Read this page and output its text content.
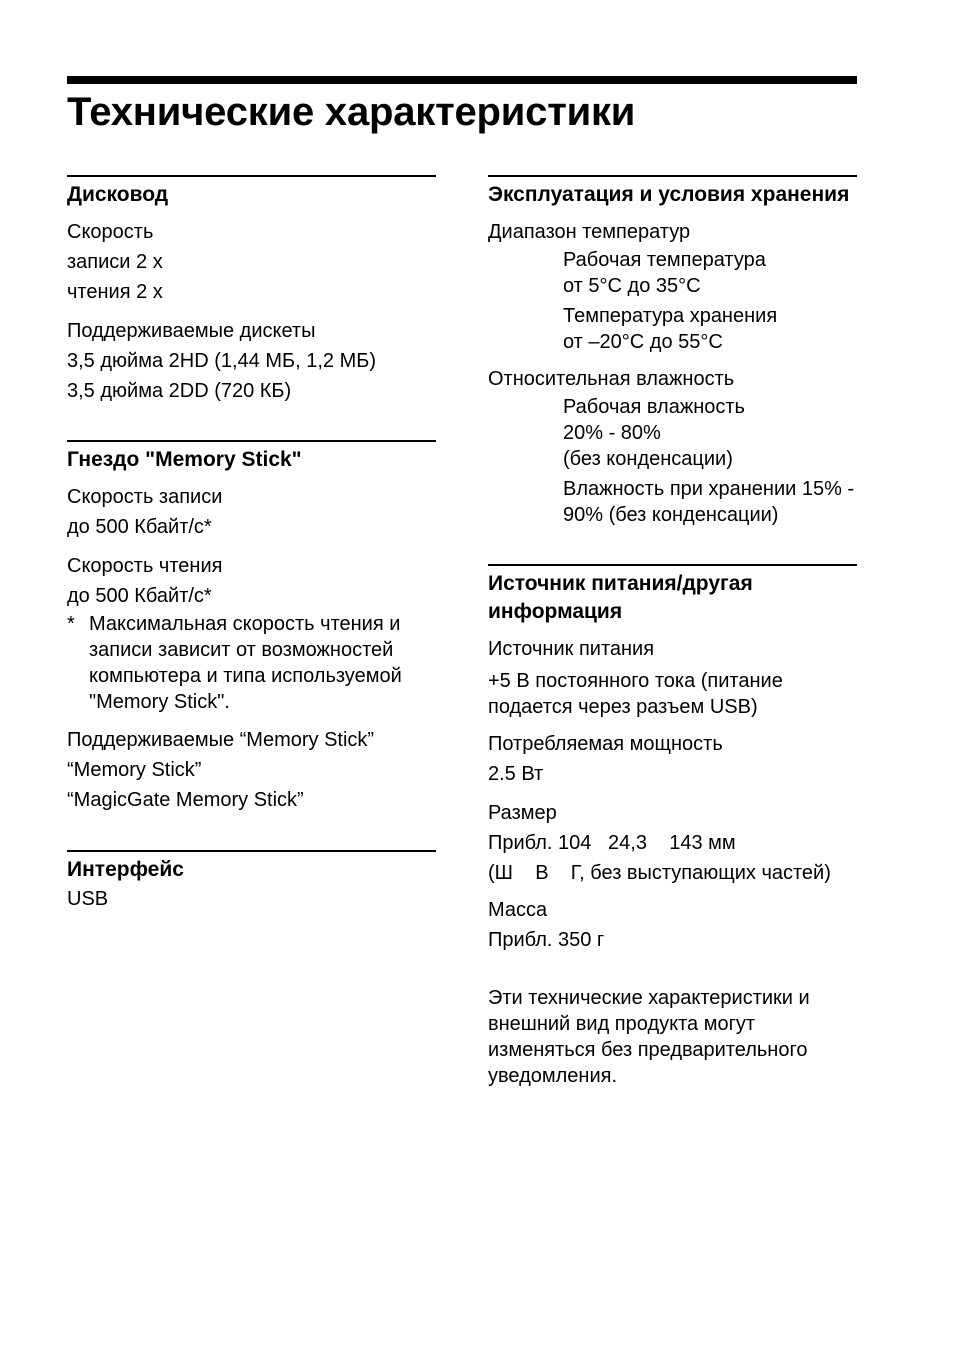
Технические характеристики
Дисковод

Скорость

записи 2 x

чтения 2 x

Поддерживаемые дискеты

3,5 дюйма 2HD (1,44 МБ, 1,2 МБ)

3,5 дюйма 2DD (720 КБ)

Гнездо "Memory Stick"

Скорость записи

до 500 Кбайт/с*

Скорость чтения

до 500 Кбайт/с*

* Максимальная скорость чтения и записи зависит от возможностей компьютера и типа используемой "Memory Stick".

Поддерживаемые “Memory Stick”

“Memory Stick”

“MagicGate Memory Stick”

Интерфейс

USB

Эксплуатация и условия хранения

Диапазон температур

Рабочая температура

от 5°C до 35°C

Температура хранения

от –20°C до 55°C

Относительная влажность

Рабочая влажность

20% - 80%

(без конденсации)

Влажность при хранении 15% - 90% (без конденсации)

Источник питания/другая информация

Источник питания

+5 В постоянного тока (питание подается через разъем USB)

Потребляемая мощность

2.5 Вт

Размер

Прибл. 104   24,3    143 мм

(Ш    В    Г, без выступающих частей)

Масса

Прибл. 350 г

Эти технические характеристики и внешний вид продукта могут изменяться без предварительного уведомления.
